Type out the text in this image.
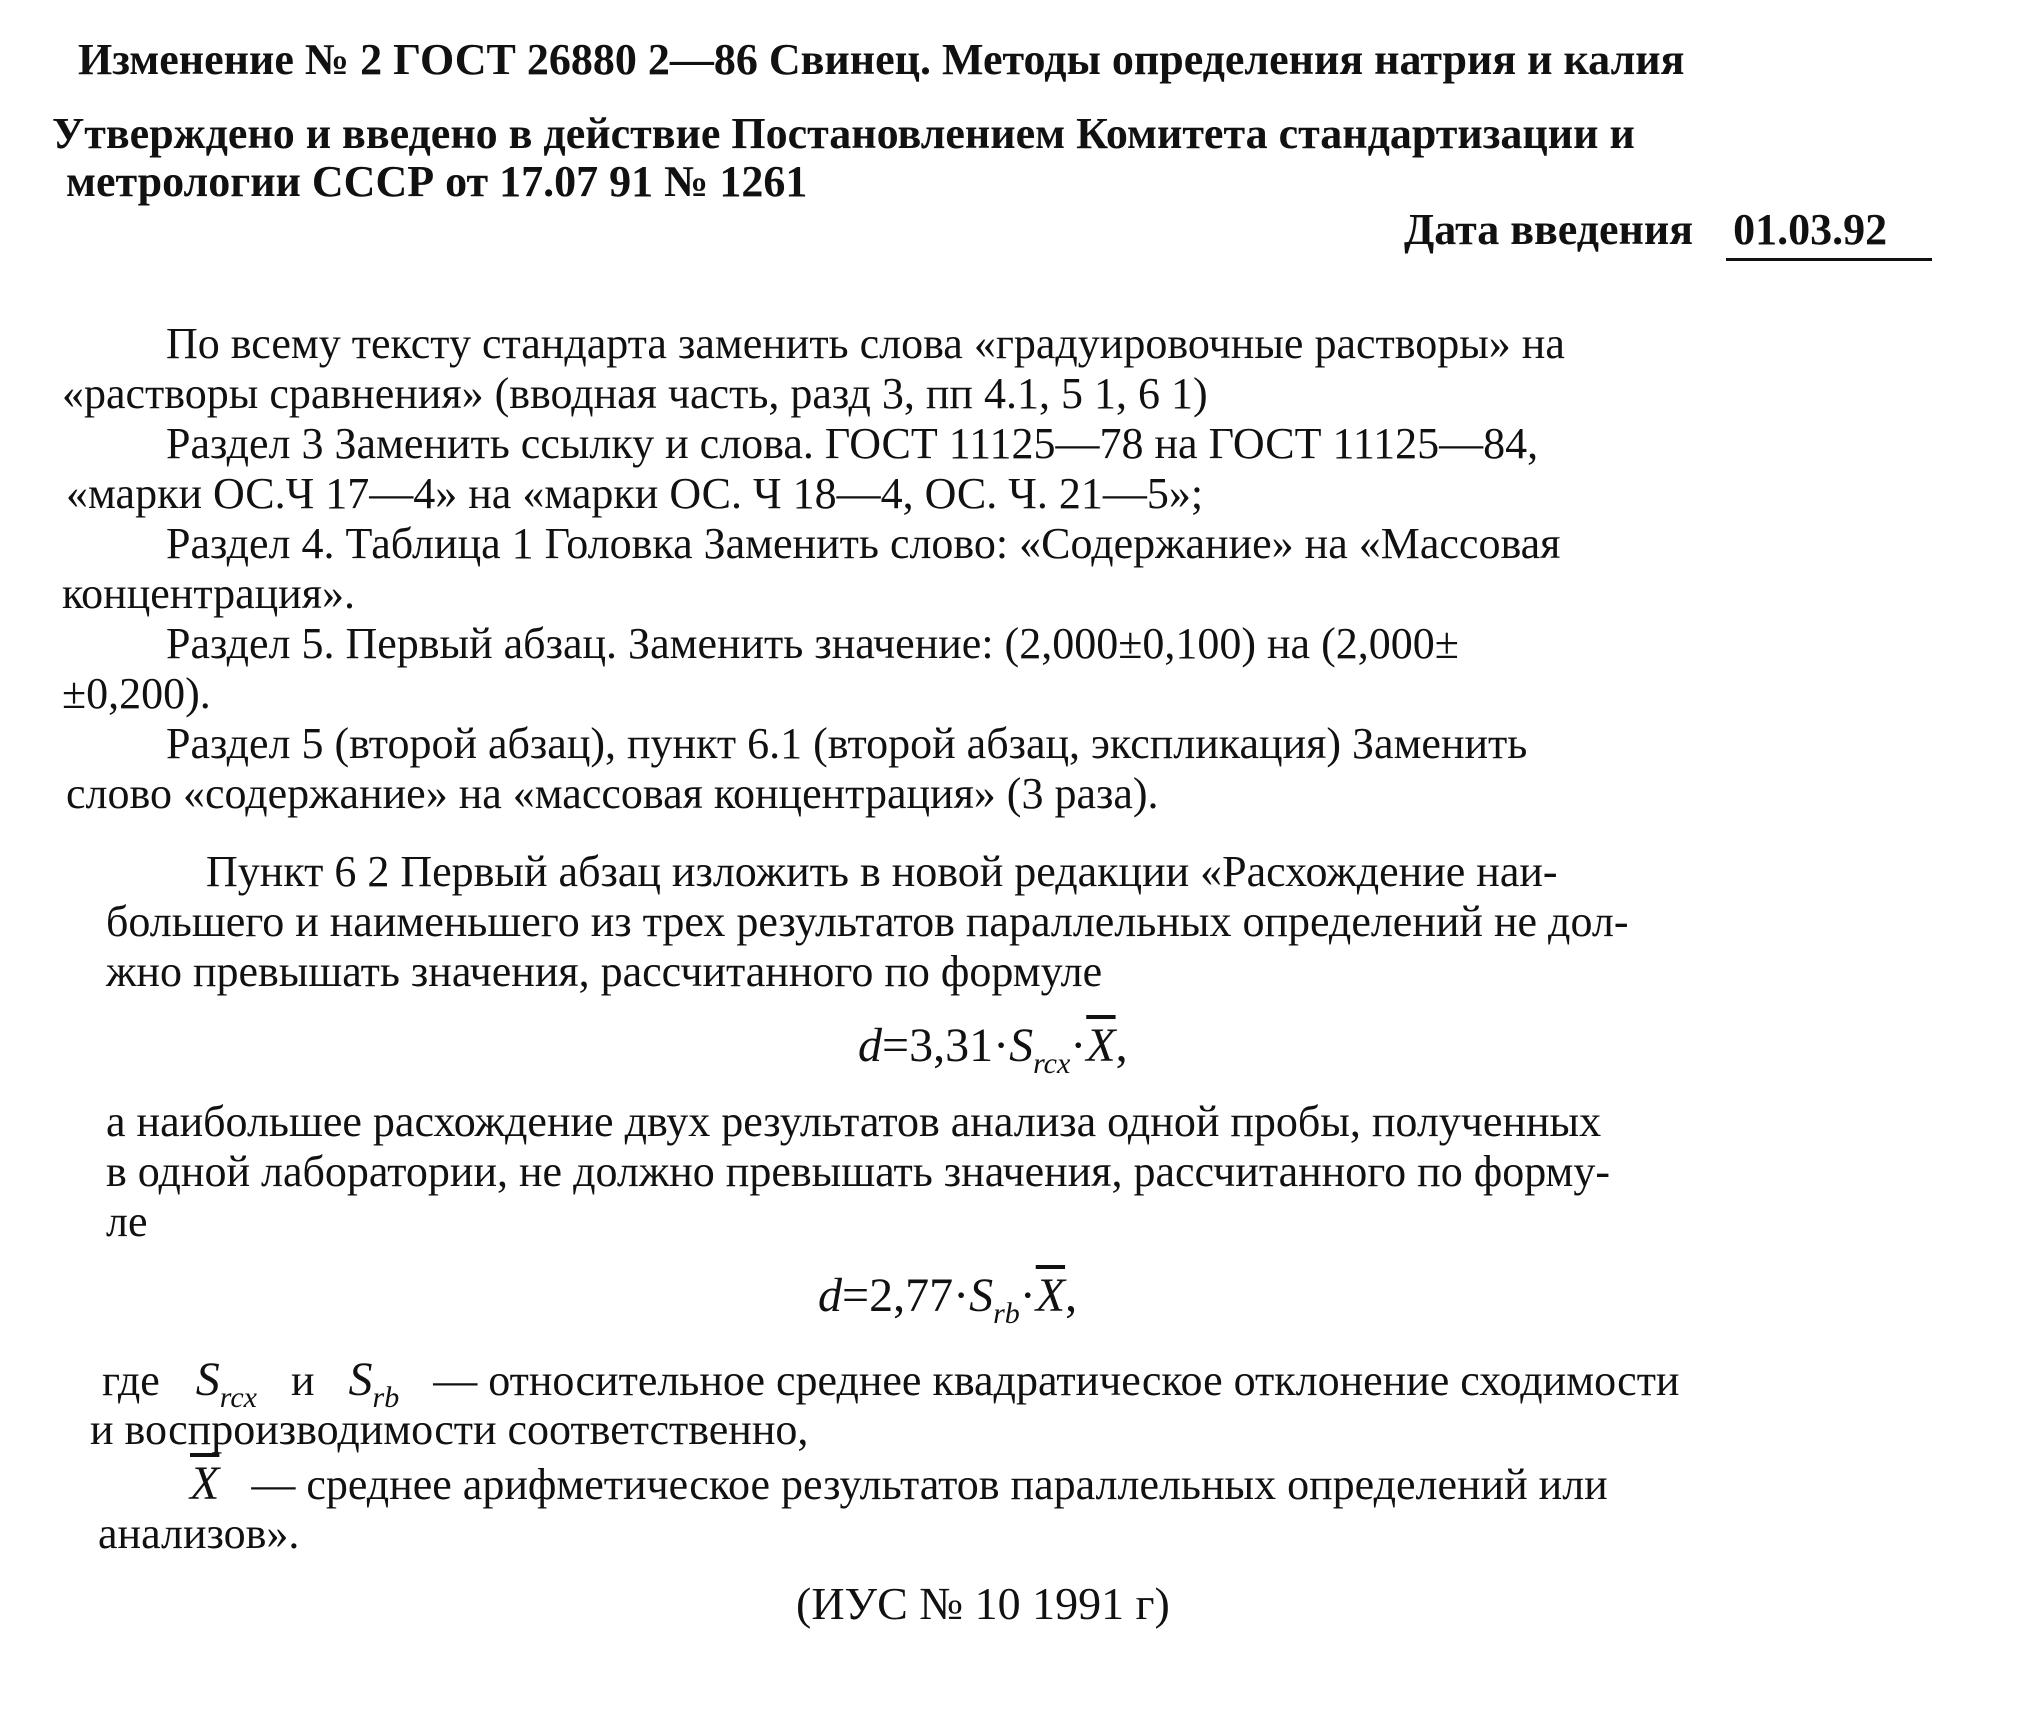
Изменение № 2 ГОСТ 26880 2—86 Свинец. Методы определения натрия и калия
Утверждено и введено в действие Постановлением Комитета стандартизации и
метрологии СССР от 17.07 91 № 1261
Дата введения 01.03.92
По всему тексту стандарта заменить слова «градуировочные растворы» на
«растворы сравнения» (вводная часть, разд 3, пп 4.1, 5 1, 6 1)
Раздел 3 Заменить ссылку и слова. ГОСТ 11125—78 на ГОСТ 11125—84,
«марки ОС.Ч 17—4» на «марки ОС. Ч 18—4, ОС. Ч. 21—5»;
Раздел 4. Таблица 1 Головка Заменить слово: «Содержание» на «Массовая
концентрация».
Раздел 5. Первый абзац. Заменить значение: (2,000±0,100) на (2,000±
±0,200).
Раздел 5 (второй абзац), пункт 6.1 (второй абзац, экспликация) Заменить
слово «содержание» на «массовая концентрация» (3 раза).
Пункт 6 2 Первый абзац изложить в новой редакции «Расхождение наи-
большего и наименьшего из трех результатов параллельных определений не дол-
жно превышать значения, рассчитанного по формуле
$d=3,31\cdot S_{rcx}\cdot\overline{X}$,
а наибольшее расхождение двух результатов анализа одной пробы, полученных
в одной лаборатории, не должно превышать значения, рассчитанного по форму-
ле
$d=2,77\cdot S_{rb}\cdot\overline{X}$,
где $S_{rcx}$ и $S_{rb}$ — относительное среднее квадратическое отклонение сходимости
и воспроизводимости соответственно,
$\overline{X}$ — среднее арифметическое результатов параллельных определений или
анализов».
(ИУС № 10 1991 г)
